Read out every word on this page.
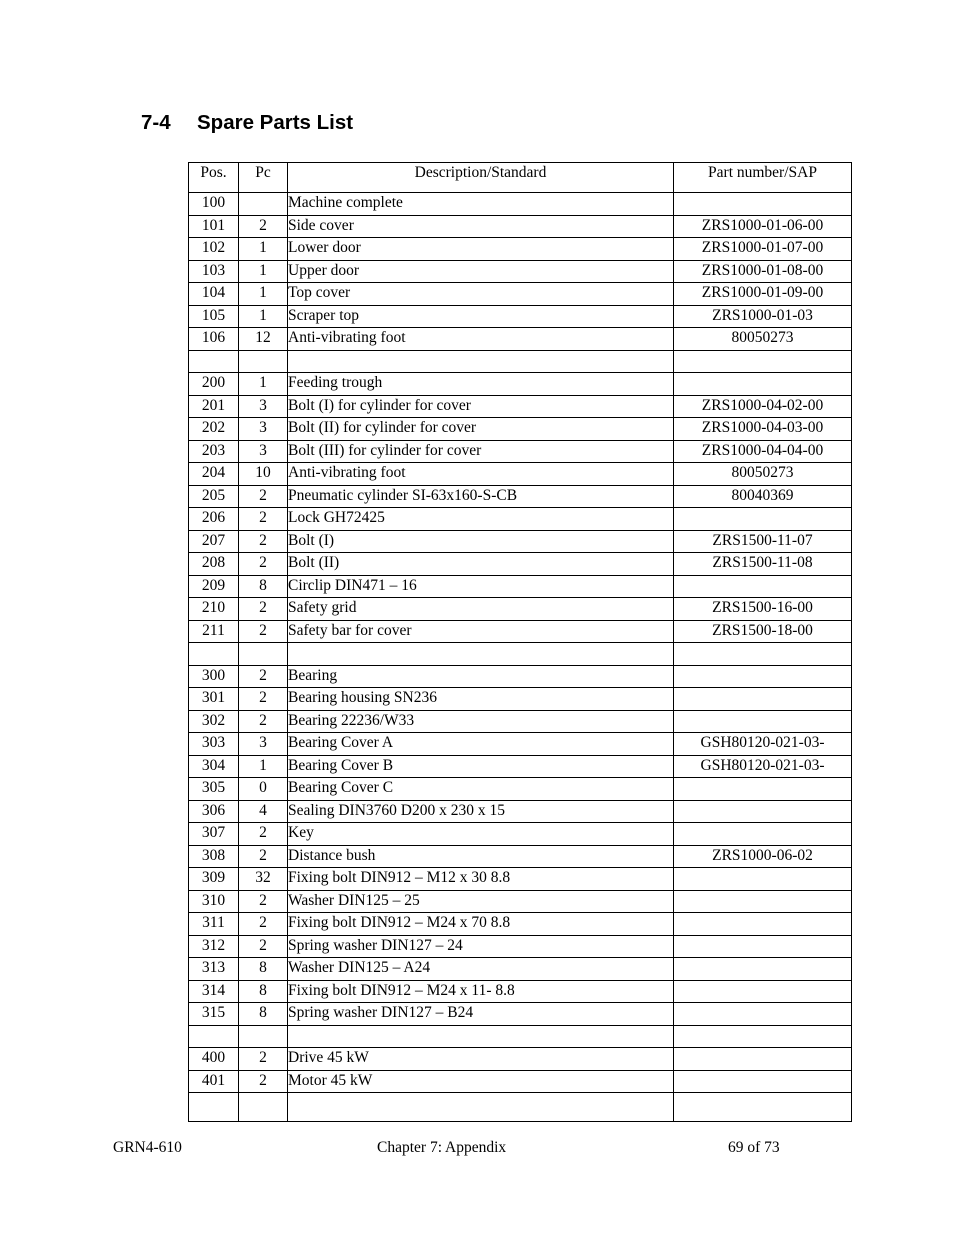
7-4 Spare Parts List
Pos.	Pc	Description/Standard	Part number/SAP
100		Machine complete	
101	2	Side cover	ZRS1000-01-06-00
102	1	Lower door	ZRS1000-01-07-00
103	1	Upper door	ZRS1000-01-08-00
104	1	Top cover	ZRS1000-01-09-00
105	1	Scraper top	ZRS1000-01-03
106	12	Anti-vibrating foot	80050273

200	1	Feeding trough	
201	3	Bolt (I) for cylinder for cover	ZRS1000-04-02-00
202	3	Bolt (II) for cylinder for cover	ZRS1000-04-03-00
203	3	Bolt (III) for cylinder for cover	ZRS1000-04-04-00
204	10	Anti-vibrating foot	80050273
205	2	Pneumatic cylinder SI-63x160-S-CB	80040369
206	2	Lock GH72425	
207	2	Bolt (I)	ZRS1500-11-07
208	2	Bolt (II)	ZRS1500-11-08
209	8	Circlip DIN471 – 16	
210	2	Safety grid	ZRS1500-16-00
211	2	Safety bar for cover	ZRS1500-18-00

300	2	Bearing	
301	2	Bearing housing SN236	
302	2	Bearing 22236/W33	
303	3	Bearing Cover A	GSH80120-021-03-
304	1	Bearing Cover B	GSH80120-021-03-
305	0	Bearing Cover C	
306	4	Sealing DIN3760 D200 x 230 x 15	
307	2	Key	
308	2	Distance bush	ZRS1000-06-02
309	32	Fixing bolt DIN912 – M12 x 30 8.8	
310	2	Washer DIN125 – 25	
311	2	Fixing bolt DIN912 – M24 x 70 8.8	
312	2	Spring washer DIN127 – 24	
313	8	Washer DIN125 – A24	
314	8	Fixing bolt DIN912 – M24 x 11- 8.8	
315	8	Spring washer DIN127 – B24	

400	2	Drive 45 kW	
401	2	Motor 45 kW	

GRN4-610	Chapter 7: Appendix	69 of 73
